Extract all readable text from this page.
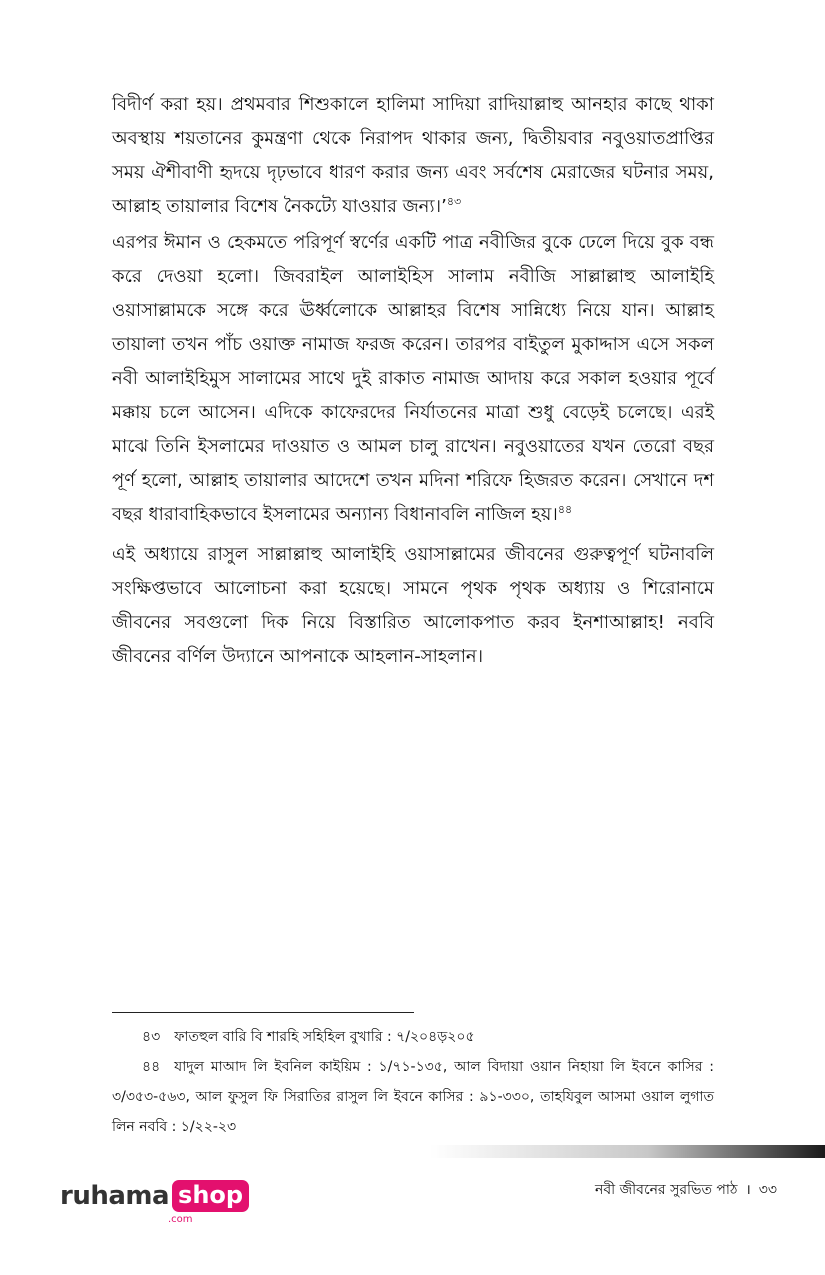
বিদীর্ণ করা হয়। প্রথমবার শিশুকালে হালিমা সাদিয়া রাদিয়াল্লাহু আনহার কাছে থাকা অবস্থায় শয়তানের কুমন্ত্রণা থেকে নিরাপদ থাকার জন্য, দ্বিতীয়বার নবুওয়াতপ্রাপ্তির সময় ঐশীবাণী হৃদয়ে দৃঢ়ভাবে ধারণ করার জন্য এবং সর্বশেষ মেরাজের ঘটনার সময়, আল্লাহ তায়ালার বিশেষ নৈকট্যে যাওয়ার জন্য।’$^{৪৩}$

এরপর ঈমান ও হেকমতে পরিপূর্ণ স্বর্ণের একটি পাত্র নবীজির বুকে ঢেলে দিয়ে বুক বন্ধ করে দেওয়া হলো। জিবরাইল আলাইহিস সালাম নবীজি সাল্লাল্লাহু আলাইহি ওয়াসাল্লামকে সঙ্গে করে ঊর্ধ্বলোকে আল্লাহর বিশেষ সান্নিধ্যে নিয়ে যান। আল্লাহ তায়ালা তখন পাঁচ ওয়াক্ত নামাজ ফরজ করেন। তারপর বাইতুল মুকাদ্দাস এসে সকল নবী আলাইহিমুস সালামের সাথে দুই রাকাত নামাজ আদায় করে সকাল হওয়ার পূর্বে মক্কায় চলে আসেন। এদিকে কাফেরদের নির্যাতনের মাত্রা শুধু বেড়েই চলেছে। এরই মাঝে তিনি ইসলামের দাওয়াত ও আমল চালু রাখেন। নবুওয়াতের যখন তেরো বছর পূর্ণ হলো, আল্লাহ তায়ালার আদেশে তখন মদিনা শরিফে হিজরত করেন। সেখানে দশ বছর ধারাবাহিকভাবে ইসলামের অন্যান্য বিধানাবলি নাজিল হয়।$^{৪৪}$

এই অধ্যায়ে রাসুল সাল্লাল্লাহু আলাইহি ওয়াসাল্লামের জীবনের গুরুত্বপূর্ণ ঘটনাবলি সংক্ষিপ্তভাবে আলোচনা করা হয়েছে। সামনে পৃথক পৃথক অধ্যায় ও শিরোনামে জীবনের সবগুলো দিক নিয়ে বিস্তারিত আলোকপাত করব ইনশাআল্লাহ! নববি জীবনের বর্ণিল উদ্যানে আপনাকে আহলান-সাহলান।

৪৩ ফাতহুল বারি বি শারহি সহিহিল বুখারি : ৭/২০৪ড়২০৫

৪৪ যাদুল মাআদ লি ইবনিল কাইয়িম : ১/৭১-১৩৫, আল বিদায়া ওয়ান নিহায়া লি ইবনে কাসির : ৩/৩৫৩-৫৬৩, আল ফুসুল ফি সিরাতির রাসুল লি ইবনে কাসির : ৯১-৩৩০, তাহযিবুল আসমা ওয়াল লুগাত লিন নববি : ১/২২-২৩

ruhama shop
.com
নবী জীবনের সুরভিত পাঠ । ৩৩
